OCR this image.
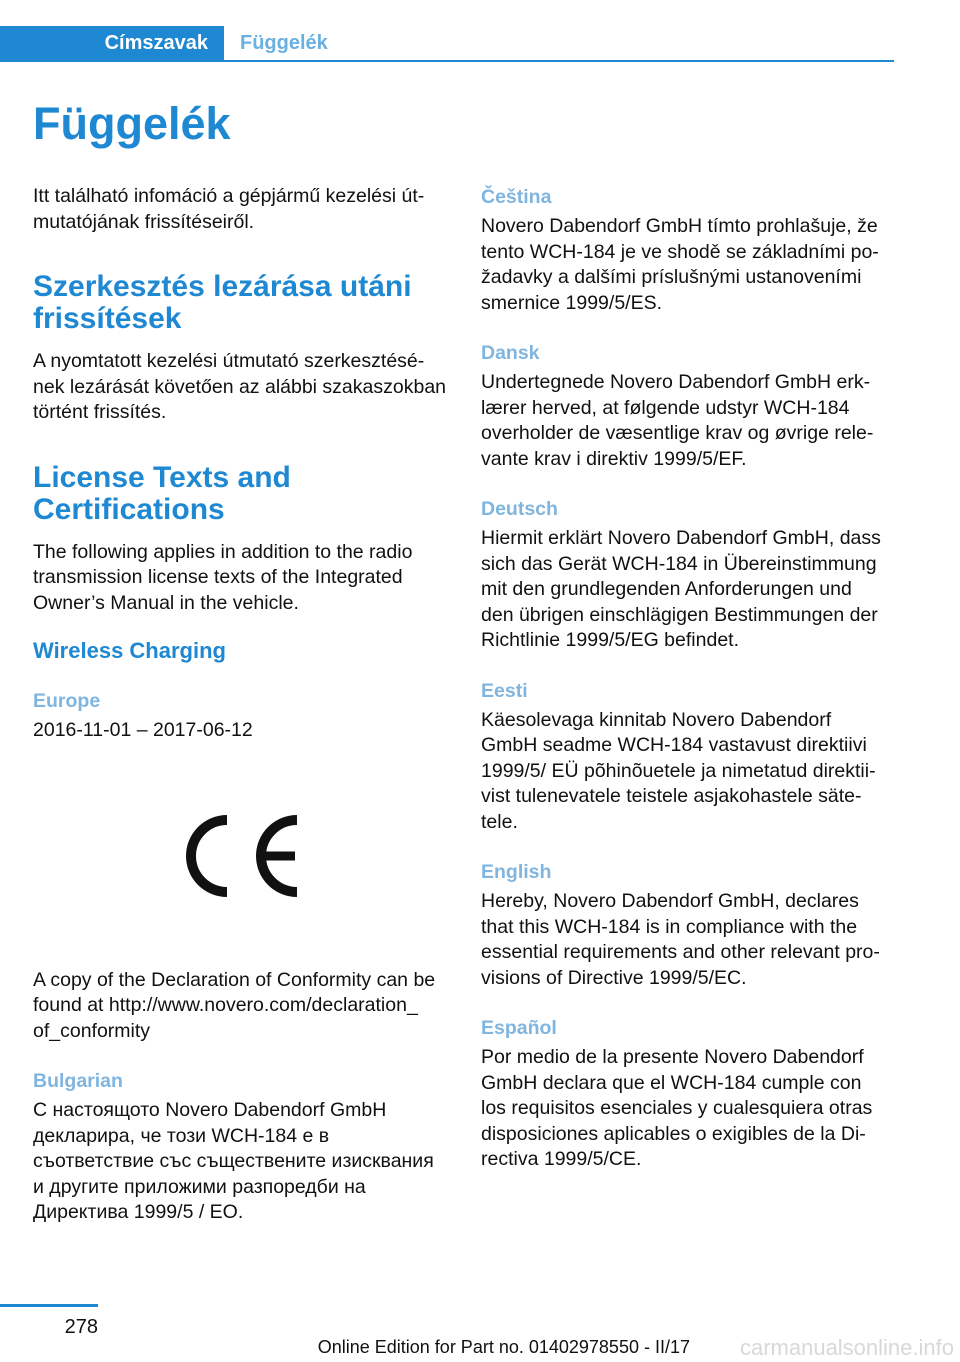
Címszavak	Függelék
Függelék

Itt található infomáció a gépjármű kezelési út-
mutatójának frissítéseiről.

Szerkesztés lezárása utáni frissítések

A nyomtatott kezelési útmutató szerkesztésé-
nek lezárását követően az alábbi szakaszokban
történt frissítés.

License Texts and Certifications

The following applies in addition to the radio
transmission license texts of the Integrated
Owner’s Manual in the vehicle.

Wireless Charging
Europe

2016-11-01 – 2017-06-12

A copy of the Declaration of Conformity can be
found at http://www.novero.com/declaration_
of_conformity

Bulgarian

С настоящото Novero Dabendorf GmbH
декларира, че този WCH-184 е в
съответствие със съществените изисквания
и другите приложими разпоредби на
Директива 1999/5 / ЕО.

Čeština

Novero Dabendorf GmbH tímto prohlašuje, že
tento WCH-184 je ve shodě se základními po-
žadavky a dalšími príslušnými ustanoveními
smernice 1999/5/ES.

Dansk

Undertegnede Novero Dabendorf GmbH erk-
lærer herved, at følgende udstyr WCH-184
overholder de væsentlige krav og øvrige rele-
vante krav i direktiv 1999/5/EF.

Deutsch

Hiermit erklärt Novero Dabendorf GmbH, dass
sich das Gerät WCH-184 in Übereinstimmung
mit den grundlegenden Anforderungen und
den übrigen einschlägigen Bestimmungen der
Richtlinie 1999/5/EG befindet.

Eesti

Käesolevaga kinnitab Novero Dabendorf
GmbH seadme WCH-184 vastavust direktiivi
1999/5/ EÜ põhinõuetele ja nimetatud direktii-
vist tulenevatele teistele asjakohastele säte-
tele.

English

Hereby, Novero Dabendorf GmbH, declares
that this WCH-184 is in compliance with the
essential requirements and other relevant pro-
visions of Directive 1999/5/EC.

Español

Por medio de la presente Novero Dabendorf
GmbH declara que el WCH-184 cumple con
los requisitos esenciales y cualesquiera otras
disposiciones aplicables o exigibles de la Di-
rectiva 1999/5/CE.

278
Online Edition for Part no. 01402978550 - II/17 carmanualsonline.info
